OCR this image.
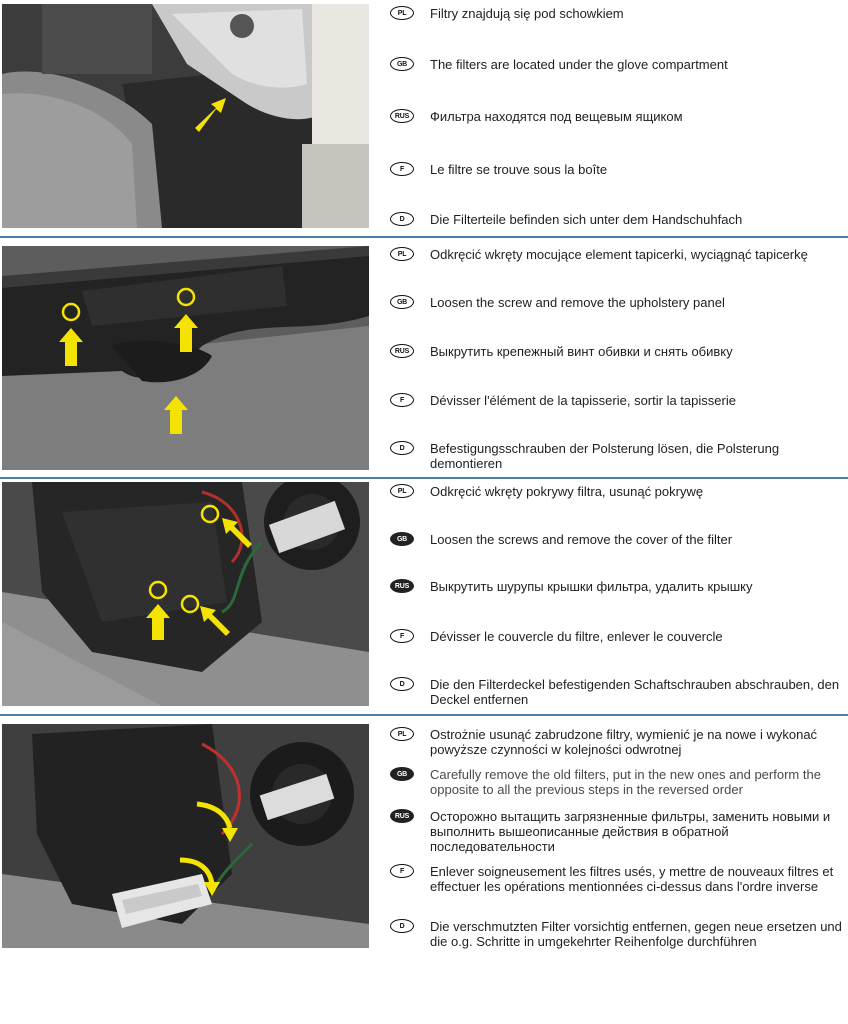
PL	Filtry znajdują się pod schowkiem
GB	The filters are located under the glove compartment
RUS	Фильтра находятся под вещевым ящиком
F	Le filtre se trouve sous la boîte
D	Die Filterteile befinden sich unter dem Handschuhfach
PL	Odkręcić wkręty mocujące element tapicerki, wyciągnąć tapicerkę
GB	Loosen the screw and remove the upholstery panel
RUS	Выкрутить крепежный винт обивки и снять обивку
F	Dévisser l'élément de la tapisserie, sortir la tapisserie
D	Befestigungsschrauben der Polsterung lösen, die Polsterung demontieren
PL	Odkręcić wkręty pokrywy filtra, usunąć pokrywę
GB	Loosen the screws and remove the cover of the filter
RUS	Выкрутить шурупы крышки фильтра, удалить крышку
F	Dévisser le couvercle du filtre, enlever le couvercle
D	Die den Filterdeckel befestigenden Schaftschrauben abschrauben, den Deckel entfernen
PL	Ostrożnie usunąć zabrudzone filtry, wymienić je na nowe i wykonać powyższe czynności w kolejności odwrotnej
GB	Carefully remove the old filters, put in the new ones and perform the opposite to all the previous steps in the reversed order
RUS	Осторожно вытащить загрязненные фильтры, заменить новыми и выполнить вышеописанные действия в обратной последовательности
F	Enlever soigneusement les filtres usés, y mettre de nouveaux filtres et effectuer les opérations mentionnées ci-dessus dans l'ordre inverse
D	Die verschmutzten Filter vorsichtig entfernen, gegen neue ersetzen und die o.g. Schritte in umgekehrter Reihenfolge durchführen
